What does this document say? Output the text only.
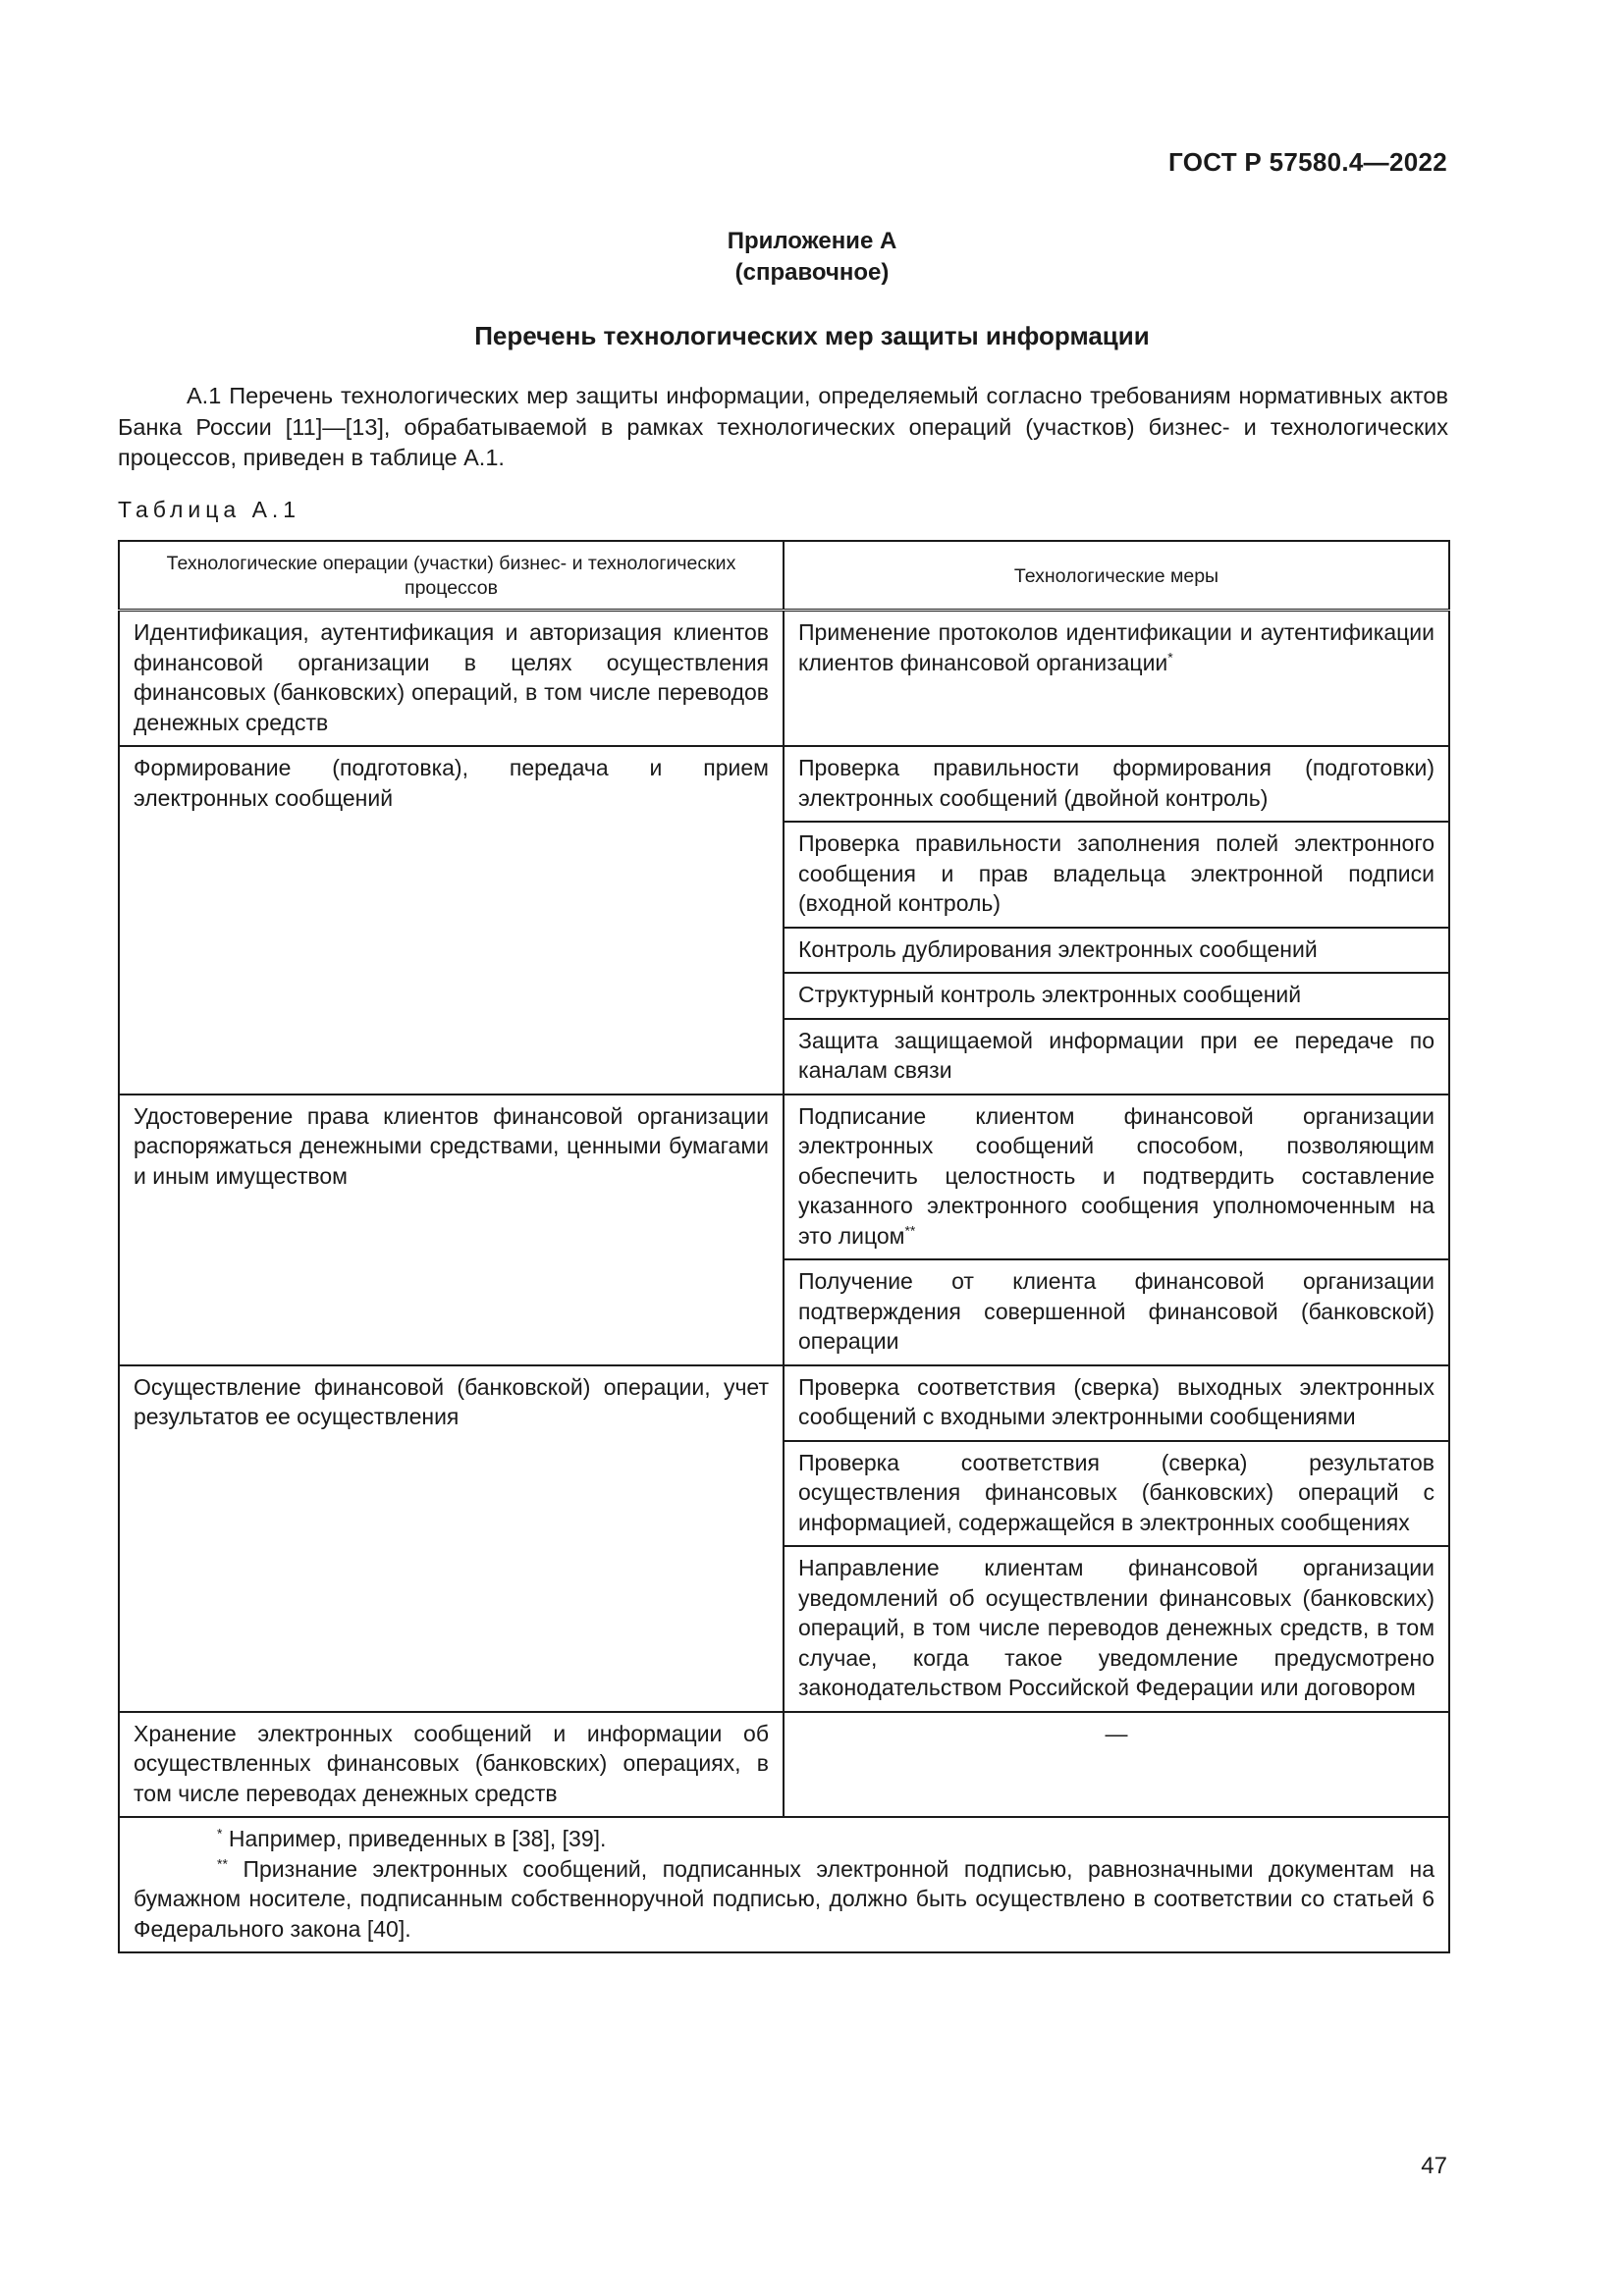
ГОСТ Р 57580.4—2022
Приложение А
(справочное)
Перечень технологических мер защиты информации
А.1 Перечень технологических мер защиты информации, определяемый согласно требованиям нормативных актов Банка России [11]—[13], обрабатываемой в рамках технологических операций (участков) бизнес- и технологических процессов, приведен в таблице А.1.
Таблица А.1
Технологические операции (участки) бизнес- и технологических процессов	Технологические меры
Идентификация, аутентификация и авторизация клиентов финансовой организации в целях осуществления финансовых (банковских) операций, в том числе переводов денежных средств	Применение протоколов идентификации и аутентификации клиентов финансовой организации*
Формирование (подготовка), передача и прием электронных сообщений	Проверка правильности формирования (подготовки) электронных сообщений (двойной контроль)
	Проверка правильности заполнения полей электронного сообщения и прав владельца электронной подписи (входной контроль)
	Контроль дублирования электронных сообщений
	Структурный контроль электронных сообщений
	Защита защищаемой информации при ее передаче по каналам связи
Удостоверение права клиентов финансовой организации распоряжаться денежными средствами, ценными бумагами и иным имуществом	Подписание клиентом финансовой организации электронных сообщений способом, позволяющим обеспечить целостность и подтвердить составление указанного электронного сообщения уполномоченным на это лицом**
	Получение от клиента финансовой организации подтверждения совершенной финансовой (банковской) операции
Осуществление финансовой (банковской) операции, учет результатов ее осуществления	Проверка соответствия (сверка) выходных электронных сообщений с входными электронными сообщениями
	Проверка соответствия (сверка) результатов осуществления финансовых (банковских) операций с информацией, содержащейся в электронных сообщениях
	Направление клиентам финансовой организации уведомлений об осуществлении финансовых (банковских) операций, в том числе переводов денежных средств, в том случае, когда такое уведомление предусмотрено законодательством Российской Федерации или договором
Хранение электронных сообщений и информации об осуществленных финансовых (банковских) операциях, в том числе переводах денежных средств	—

* Например, приведенных в [38], [39].
** Признание электронных сообщений, подписанных электронной подписью, равнозначными документам на бумажном носителе, подписанным собственноручной подписью, должно быть осуществлено в соответствии со статьей 6 Федерального закона [40].	
47
